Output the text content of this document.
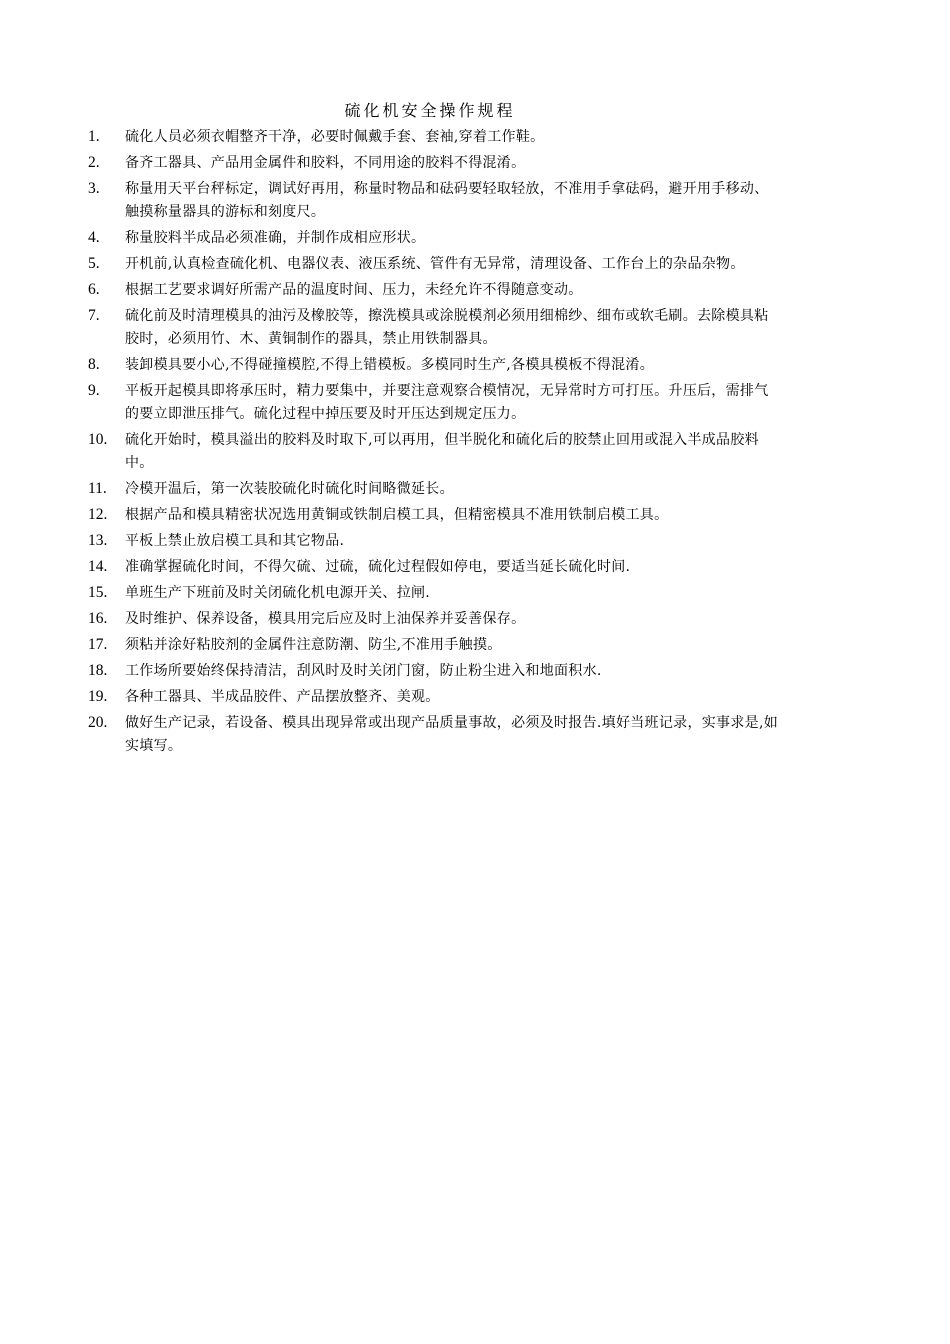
硫化机安全操作规程
1.	硫化人员必须衣帽整齐干净，必要时佩戴手套、套袖,穿着工作鞋。
2.	备齐工器具、产品用金属件和胶料，不同用途的胶料不得混淆。
3.	称量用天平台秤标定，调试好再用，称量时物品和砝码要轻取轻放，不准用手拿砝码，避开用手移动、触摸称量器具的游标和刻度尺。
4.	称量胶料半成品必须准确，并制作成相应形状。
5.	开机前,认真检查硫化机、电器仪表、液压系统、管件有无异常，清理设备、工作台上的杂品杂物。
6.	根据工艺要求调好所需产品的温度时间、压力，未经允许不得随意变动。
7.	硫化前及时清理模具的油污及橡胶等，擦洗模具或涂脱模剂必须用细棉纱、细布或软毛刷。去除模具粘胶时，必须用竹、木、黄铜制作的器具，禁止用铁制器具。
8.	装卸模具要小心,不得碰撞模腔,不得上错模板。多模同时生产,各模具模板不得混淆。
9.	平板开起模具即将承压时，精力要集中，并要注意观察合模情况，无异常时方可打压。升压后，需排气的要立即泄压排气。硫化过程中掉压要及时开压达到规定压力。
10.	硫化开始时，模具溢出的胶料及时取下,可以再用，但半脱化和硫化后的胶禁止回用或混入半成品胶料中。
11.	冷模开温后，第一次装胶硫化时硫化时间略微延长。
12.	根据产品和模具精密状况选用黄铜或铁制启模工具，但精密模具不准用铁制启模工具。
13.	平板上禁止放启模工具和其它物品.
14.	准确掌握硫化时间，不得欠硫、过硫，硫化过程假如停电，要适当延长硫化时间.
15.	单班生产下班前及时关闭硫化机电源开关、拉闸.
16.	及时维护、保养设备，模具用完后应及时上油保养并妥善保存。
17.	须粘并涂好粘胶剂的金属件注意防潮、防尘,不准用手触摸。
18.	工作场所要始终保持清洁，刮风时及时关闭门窗，防止粉尘进入和地面积水.
19.	各种工器具、半成品胶件、产品摆放整齐、美观。
20.	做好生产记录，若设备、模具出现异常或出现产品质量事故，必须及时报告.填好当班记录，实事求是,如实填写。
